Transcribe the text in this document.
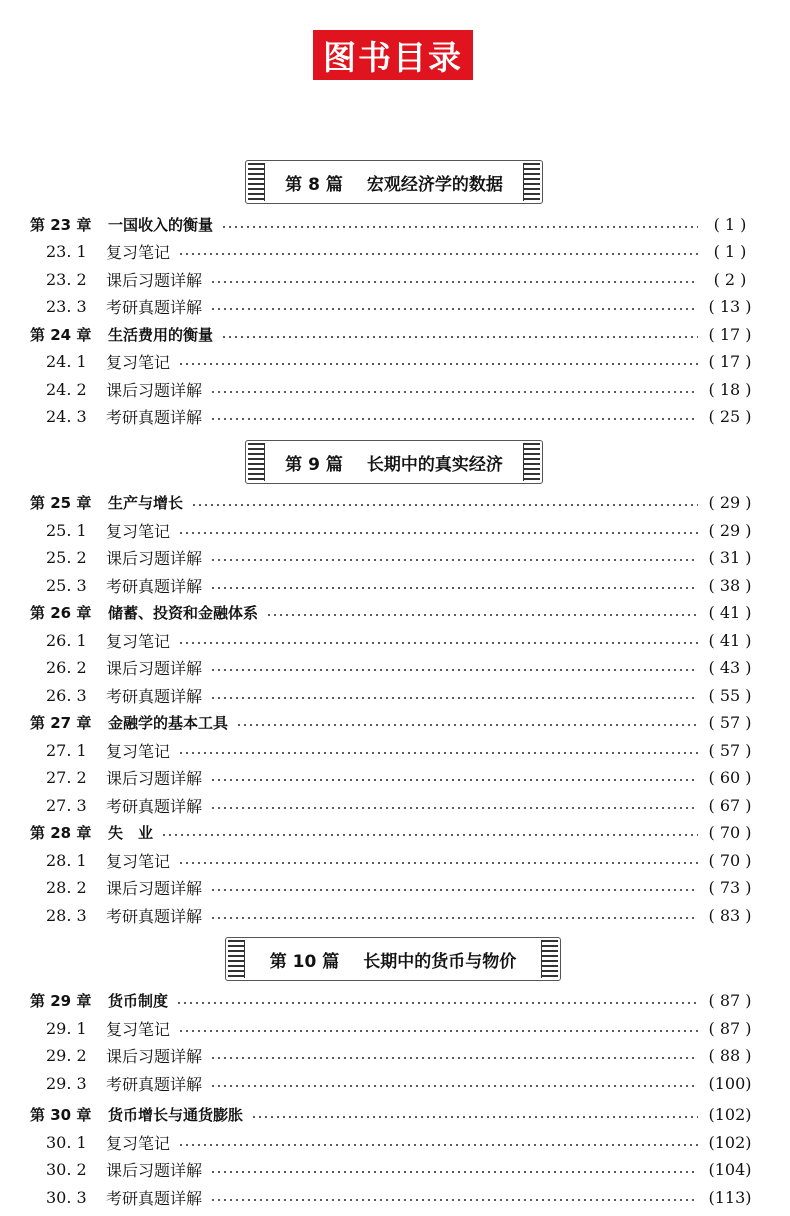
图书目录
第 8 篇 宏观经济学的数据
第 9 篇 长期中的真实经济
第 10 篇 长期中的货币与物价
第 23 章	一国收入的衡量	( 1 )
23. 1	复习笔记	( 1 )
23. 2	课后习题详解	( 2 )
23. 3	考研真题详解	( 13 )
第 24 章	生活费用的衡量	( 17 )
24. 1	复习笔记	( 17 )
24. 2	课后习题详解	( 18 )
24. 3	考研真题详解	( 25 )
第 25 章	生产与增长	( 29 )
25. 1	复习笔记	( 29 )
25. 2	课后习题详解	( 31 )
25. 3	考研真题详解	( 38 )
第 26 章	储蓄、投资和金融体系	( 41 )
26. 1	复习笔记	( 41 )
26. 2	课后习题详解	( 43 )
26. 3	考研真题详解	( 55 )
第 27 章	金融学的基本工具	( 57 )
27. 1	复习笔记	( 57 )
27. 2	课后习题详解	( 60 )
27. 3	考研真题详解	( 67 )
第 28 章	失　业	( 70 )
28. 1	复习笔记	( 70 )
28. 2	课后习题详解	( 73 )
28. 3	考研真题详解	( 83 )
第 29 章	货币制度	( 87 )
29. 1	复习笔记	( 87 )
29. 2	课后习题详解	( 88 )
29. 3	考研真题详解	(100)
第 30 章	货币增长与通货膨胀	(102)
30. 1	复习笔记	(102)
30. 2	课后习题详解	(104)
30. 3	考研真题详解	(113)
